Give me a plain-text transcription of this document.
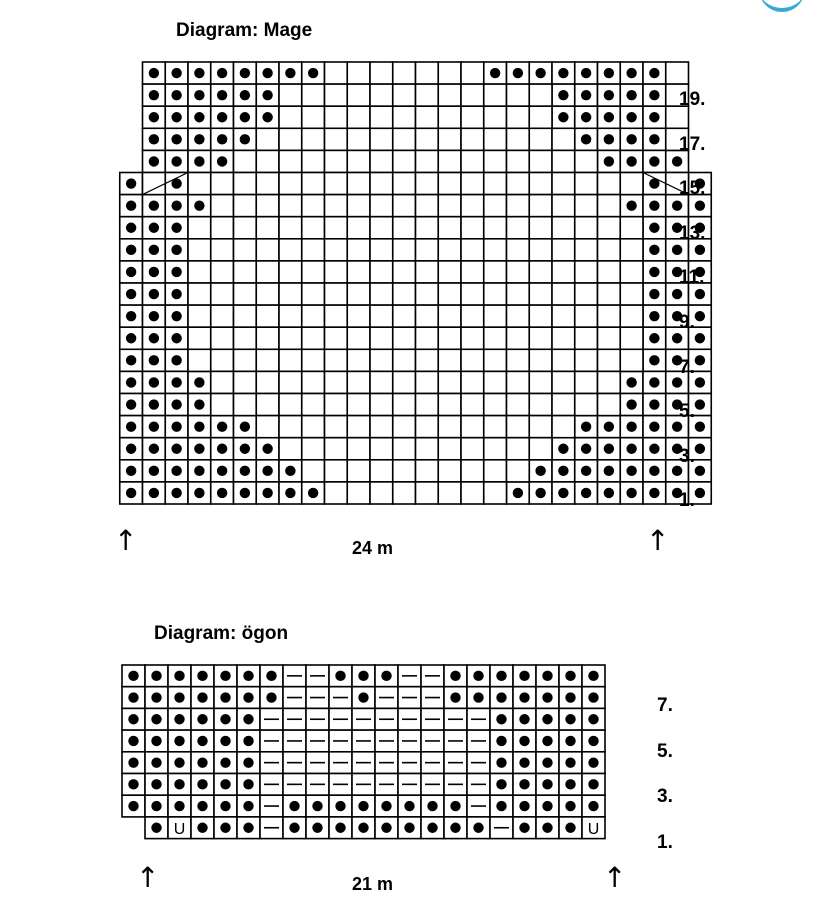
Diagram: Mage
U	U
19.
17.
15.
13.
11.
9.
7.
5.
3.
1.
24 m
↑	↑
Diagram: ögon
7.
5.
3.
1.
21 m
↑	↑
